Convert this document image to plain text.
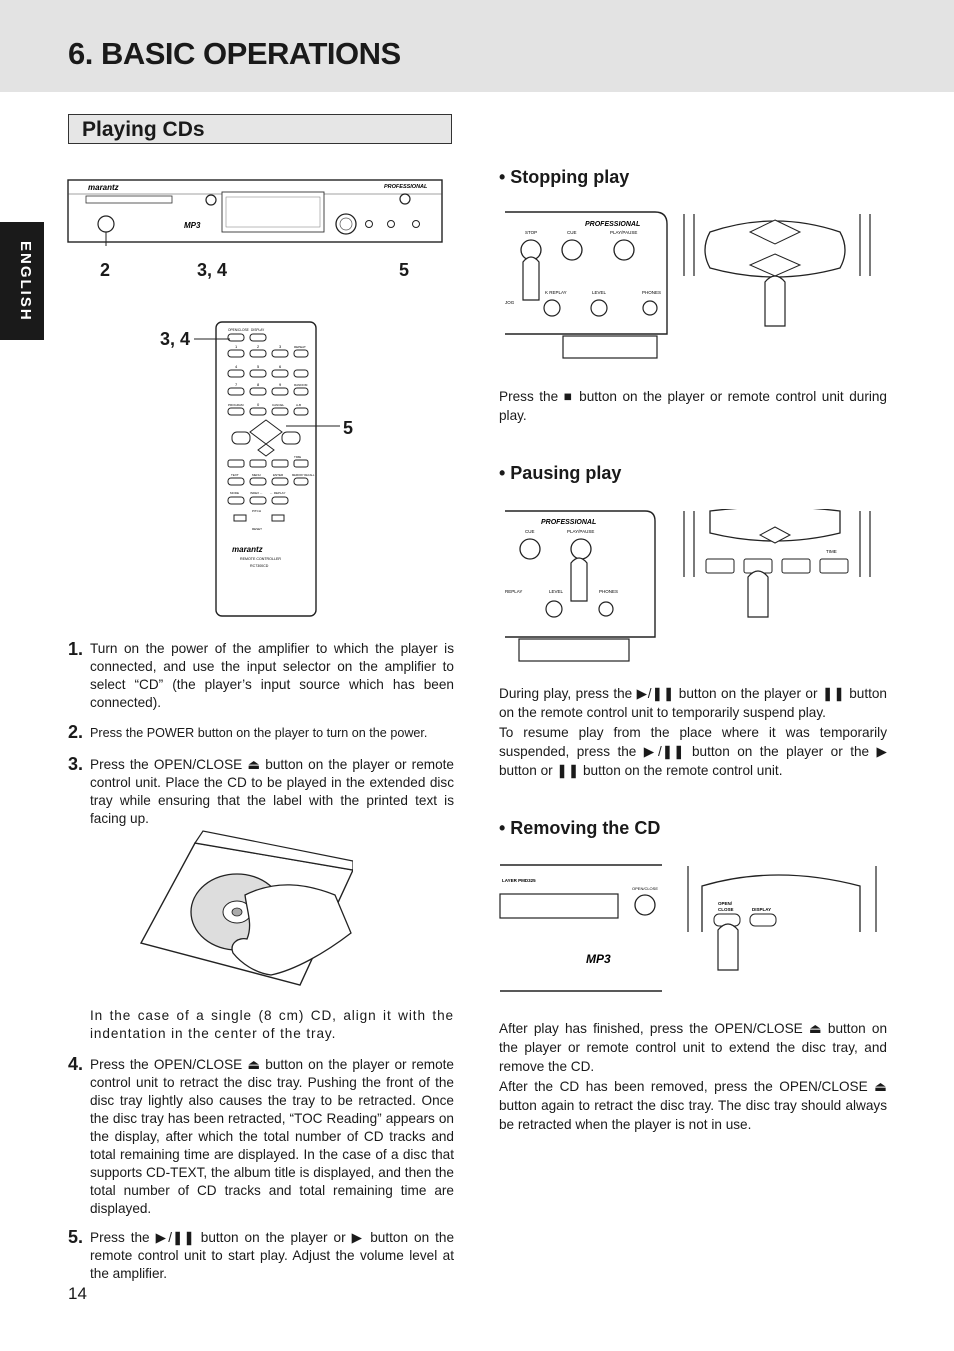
6. BASIC OPERATIONS
Playing CDs
ENGLISH
marantz	PROFESSIONAL
MP3
2	3, 4	5
OPEN/CLOSE DISPLAY
1	2	3	REPEAT
4	5	6
7	8	9	RANDOM
PROGRAM	0	CANCEL	A-B
TIME
TEXT	MENU	ENTER	MEMORY RECALL
MODE	INDEX ← ← REPLAY
PITCH
RESET
marantz
REMOTE CONTROLLER
RC7300CD
3, 4
5
1. Turn on the power of the amplifier to which the player is connected, and use the input selector on the amplifier to select “CD” (the player’s input source which has been connected).

2. Press the POWER button on the player to turn on the power.

3. Press the OPEN/CLOSE ⏏ button on the player or remote control unit. Place the CD to be played in the extended disc tray while ensuring that the label with the printed text is facing up.

In the case of a single (8 cm) CD, align it with the indentation in the center of the tray.

4. Press the OPEN/CLOSE ⏏ button on the player or remote control unit to retract the disc tray. Pushing the front of the disc tray lightly also causes the tray to be retracted. Once the disc tray has been retracted, “TOC Reading” appears on the display, after which the total number of CD tracks and total remaining time are displayed. In the case of a disc that supports CD-TEXT, the album title is displayed, and then the total number of CD tracks and total remaining time are displayed.

5. Press the ▶/❚❚ button on the player or ▶ button on the remote control unit to start play. Adjust the volume level at the amplifier.

14
• Stopping play
PROFESSIONAL
STOP	CUE	PLAY/PAUSE
JOG
K REPLAY	LEVEL	PHONES

Press the ■ button on the player or remote control unit during play.

• Pausing play
PROFESSIONAL
CUE	PLAY/PAUSE
REPLAY	LEVEL	PHONES
TIME

During play, press the ▶/❚❚ button on the player or ❚❚ button on the remote control unit to temporarily suspend play.

To resume play from the place where it was temporarily suspended, press the ▶/❚❚ button on the player or the ▶ button or ❚❚ button on the remote control unit.

• Removing the CD
LAYER PMD325
OPEN/CLOSE
MP3
OPEN/
CLOSE	DISPLAY

After play has finished, press the OPEN/CLOSE ⏏ button on the player or remote control unit to extend the disc tray, and remove the CD.

After the CD has been removed, press the OPEN/CLOSE ⏏ button again to retract the disc tray. The disc tray should always be retracted when the player is not in use.
